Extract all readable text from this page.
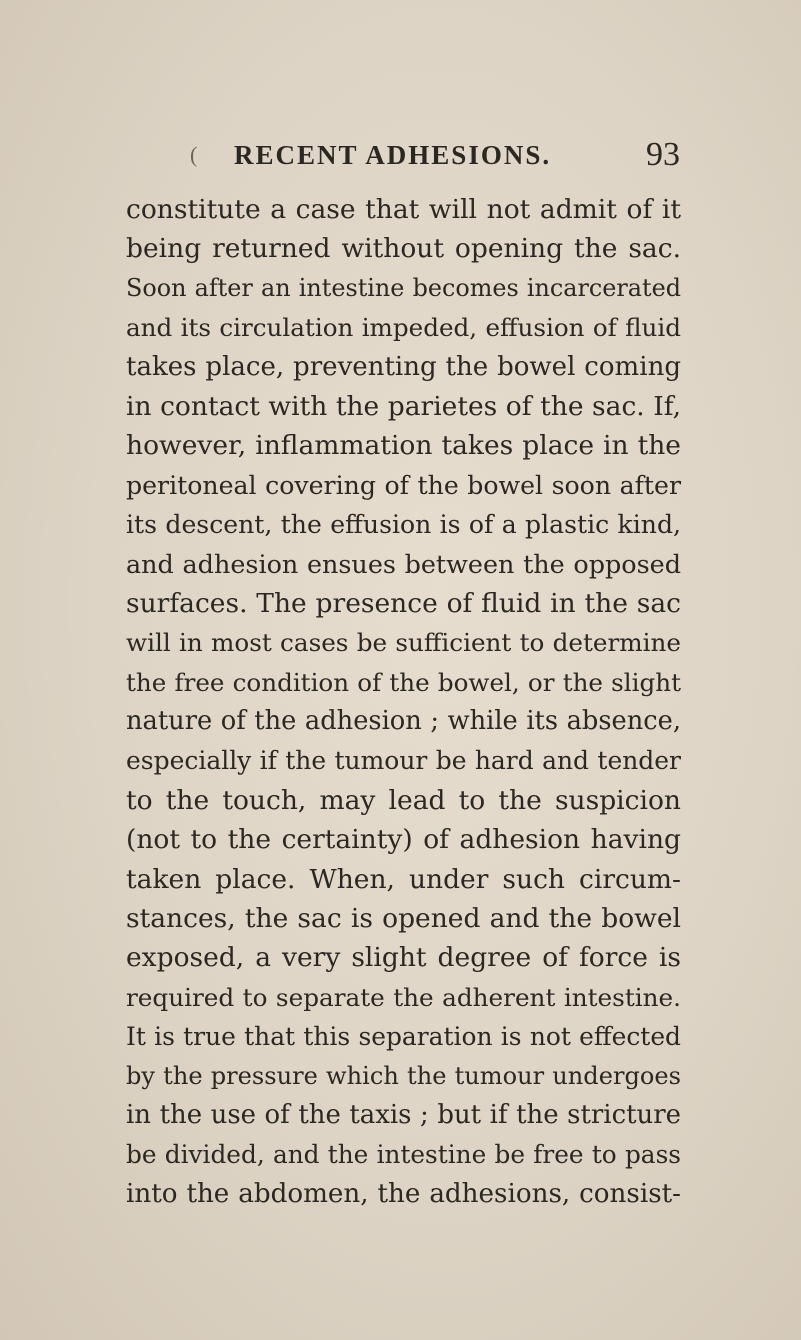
( RECENT ADHESIONS.	93
constitute a case that will not admit of it
being returned without opening the sac.
Soon after an intestine becomes incarcerated
and its circulation impeded, effusion of fluid
takes place, preventing the bowel coming
in contact with the parietes of the sac. If,
however, inflammation takes place in the
peritoneal covering of the bowel soon after
its descent, the effusion is of a plastic kind,
and adhesion ensues between the opposed
surfaces. The presence of fluid in the sac
will in most cases be sufficient to determine
the free condition of the bowel, or the slight
nature of the adhesion ; while its absence,
especially if the tumour be hard and tender
to the touch, may lead to the suspicion
(not to the certainty) of adhesion having
taken place. When, under such circum-
stances, the sac is opened and the bowel
exposed, a very slight degree of force is
required to separate the adherent intestine.
It is true that this separation is not effected
by the pressure which the tumour undergoes
in the use of the taxis ; but if the stricture
be divided, and the intestine be free to pass
into the abdomen, the adhesions, consist-
